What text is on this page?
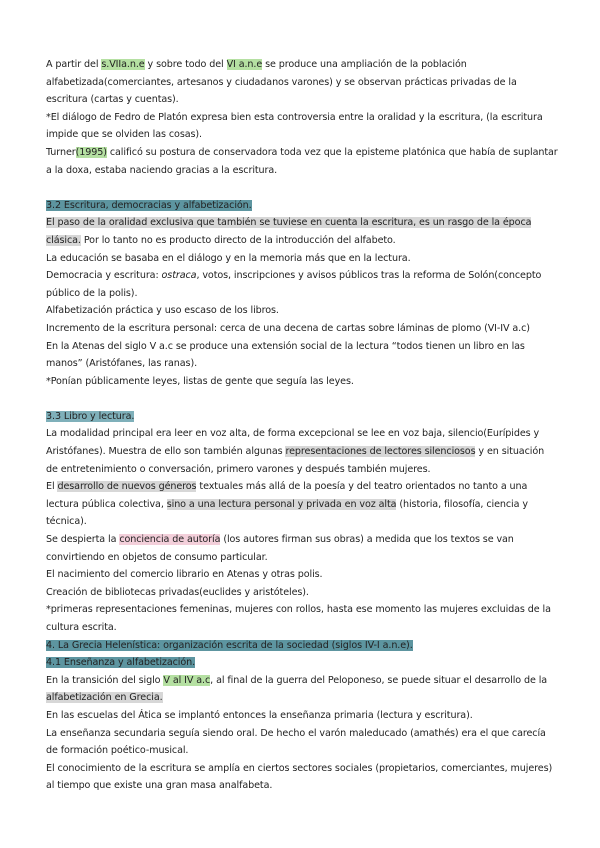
A partir del s.VIIa.n.e y sobre todo del VI a.n.e se produce una ampliación de la población alfabetizada(comerciantes, artesanos y ciudadanos varones) y se observan prácticas privadas de la escritura (cartas y cuentas).

*El diálogo de Fedro de Platón expresa bien esta controversia entre la oralidad y la escritura, (la escritura impide que se olviden las cosas).

Turner(1995) calificó su postura de conservadora toda vez que la episteme platónica que había de suplantar a la doxa, estaba naciendo gracias a la escritura.

3.2 Escritura, democracias y alfabetización.

El paso de la oralidad exclusiva que también se tuviese en cuenta la escritura, es un rasgo de la época clásica. Por lo tanto no es producto directo de la introducción del alfabeto.

La educación se basaba en el diálogo y en la memoria más que en la lectura.

Democracia y escritura: ostraca, votos, inscripciones y avisos públicos tras la reforma de Solón(concepto público de la polis).

Alfabetización práctica y uso escaso de los libros.

Incremento de la escritura personal: cerca de una decena de cartas sobre láminas de plomo (VI-IV a.c)

En la Atenas del siglo V a.c se produce una extensión social de la lectura “todos tienen un libro en las manos” (Aristófanes, las ranas).

*Ponían públicamente leyes, listas de gente que seguía las leyes.

3.3 Libro y lectura.

La modalidad principal era leer en voz alta, de forma excepcional se lee en voz baja, silencio(Eurípides y Aristófanes). Muestra de ello son también algunas representaciones de lectores silenciosos y en situación de entretenimiento o conversación, primero varones y después también mujeres.

El desarrollo de nuevos géneros textuales más allá de la poesía y del teatro orientados no tanto a una lectura pública colectiva, sino a una lectura personal y privada en voz alta (historia, filosofía, ciencia y técnica).

Se despierta la conciencia de autoría (los autores firman sus obras) a medida que los textos se van convirtiendo en objetos de consumo particular.

El nacimiento del comercio librario en Atenas y otras polis.

Creación de bibliotecas privadas(euclides y aristóteles).

*primeras representaciones femeninas, mujeres con rollos, hasta ese momento las mujeres excluidas de la cultura escrita.

4. La Grecia Helenística: organización escrita de la sociedad (siglos IV-I a.n.e).

4.1 Enseñanza y alfabetización.

En la transición del siglo V al IV a.c, al final de la guerra del Peloponeso, se puede situar el desarrollo de la alfabetización en Grecia.

En las escuelas del Ática se implantó entonces la enseñanza primaria (lectura y escritura).

La enseñanza secundaria seguía siendo oral. De hecho el varón maleducado (amathés) era el que carecía de formación poético-musical.

El conocimiento de la escritura se amplía en ciertos sectores sociales (propietarios, comerciantes, mujeres) al tiempo que existe una gran masa analfabeta.
